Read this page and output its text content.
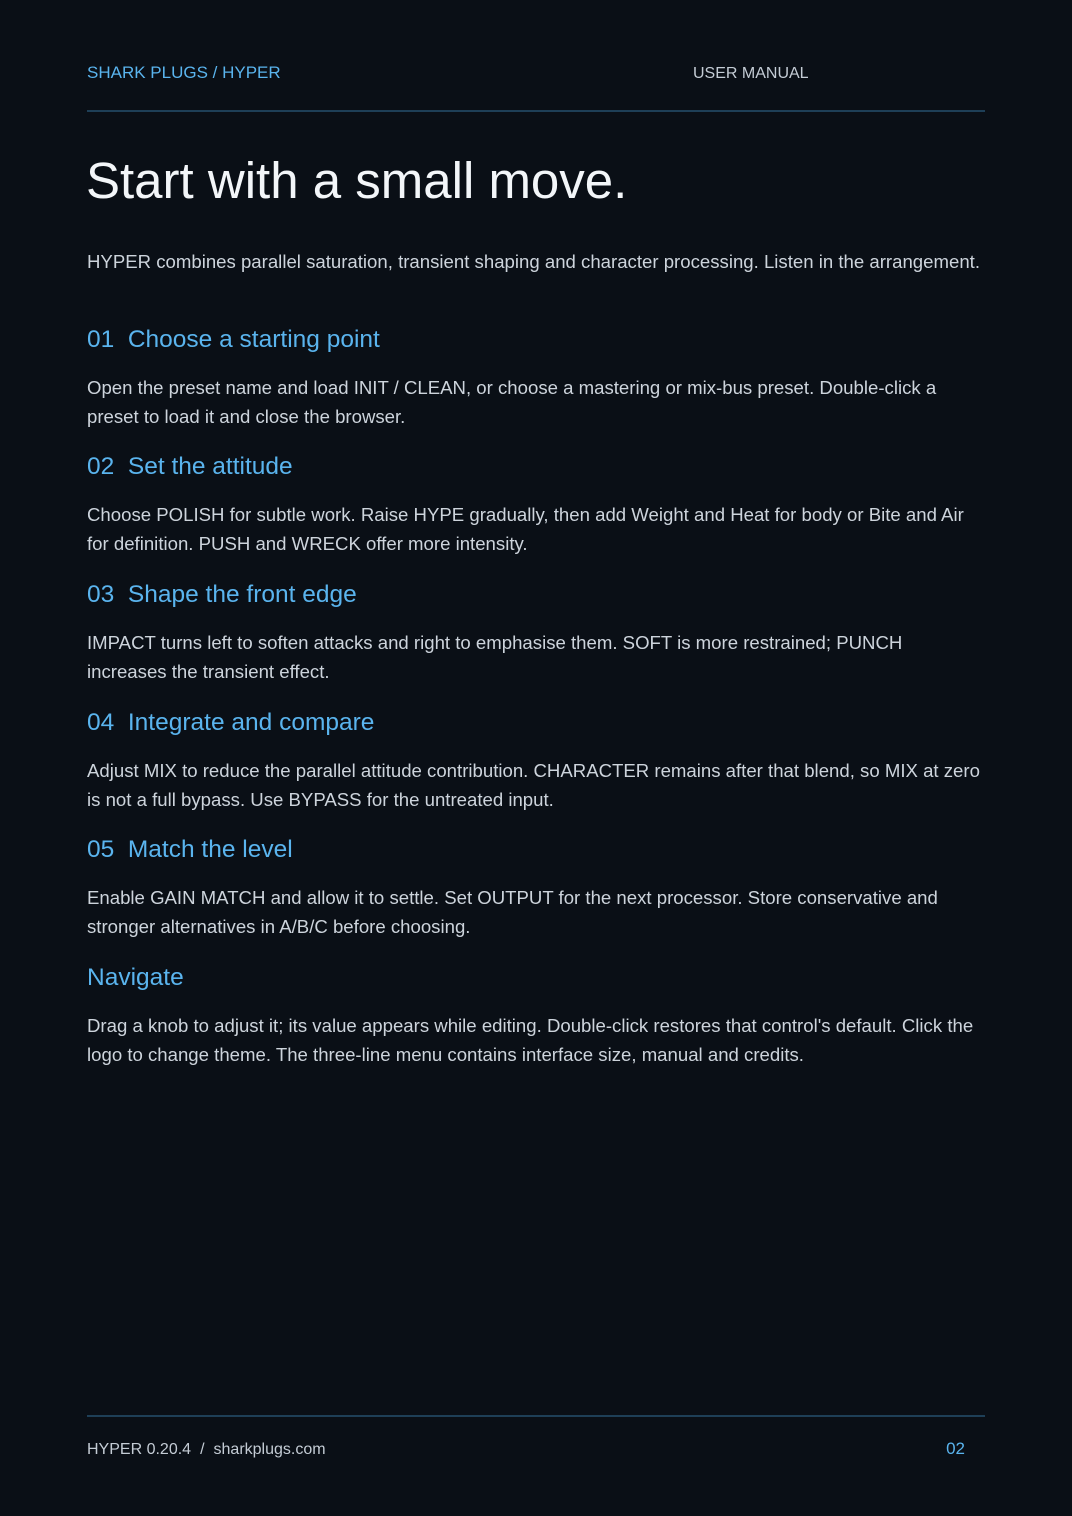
SHARK PLUGS / HYPER	USER MANUAL
Start with a small move.

HYPER combines parallel saturation, transient shaping and character processing. Listen in the arrangement.

01  Choose a starting point

Open the preset name and load INIT / CLEAN, or choose a mastering or mix-bus preset. Double-click a preset to load it and close the browser.

02  Set the attitude

Choose POLISH for subtle work. Raise HYPE gradually, then add Weight and Heat for body or Bite and Air for definition. PUSH and WRECK offer more intensity.

03  Shape the front edge

IMPACT turns left to soften attacks and right to emphasise them. SOFT is more restrained; PUNCH increases the transient effect.

04  Integrate and compare

Adjust MIX to reduce the parallel attitude contribution. CHARACTER remains after that blend, so MIX at zero is not a full bypass. Use BYPASS for the untreated input.

05  Match the level

Enable GAIN MATCH and allow it to settle. Set OUTPUT for the next processor. Store conservative and stronger alternatives in A/B/C before choosing.

Navigate

Drag a knob to adjust it; its value appears while editing. Double-click restores that control's default. Click the logo to change theme. The three-line menu contains interface size, manual and credits.

HYPER 0.20.4 / sharkplugs.com	02
